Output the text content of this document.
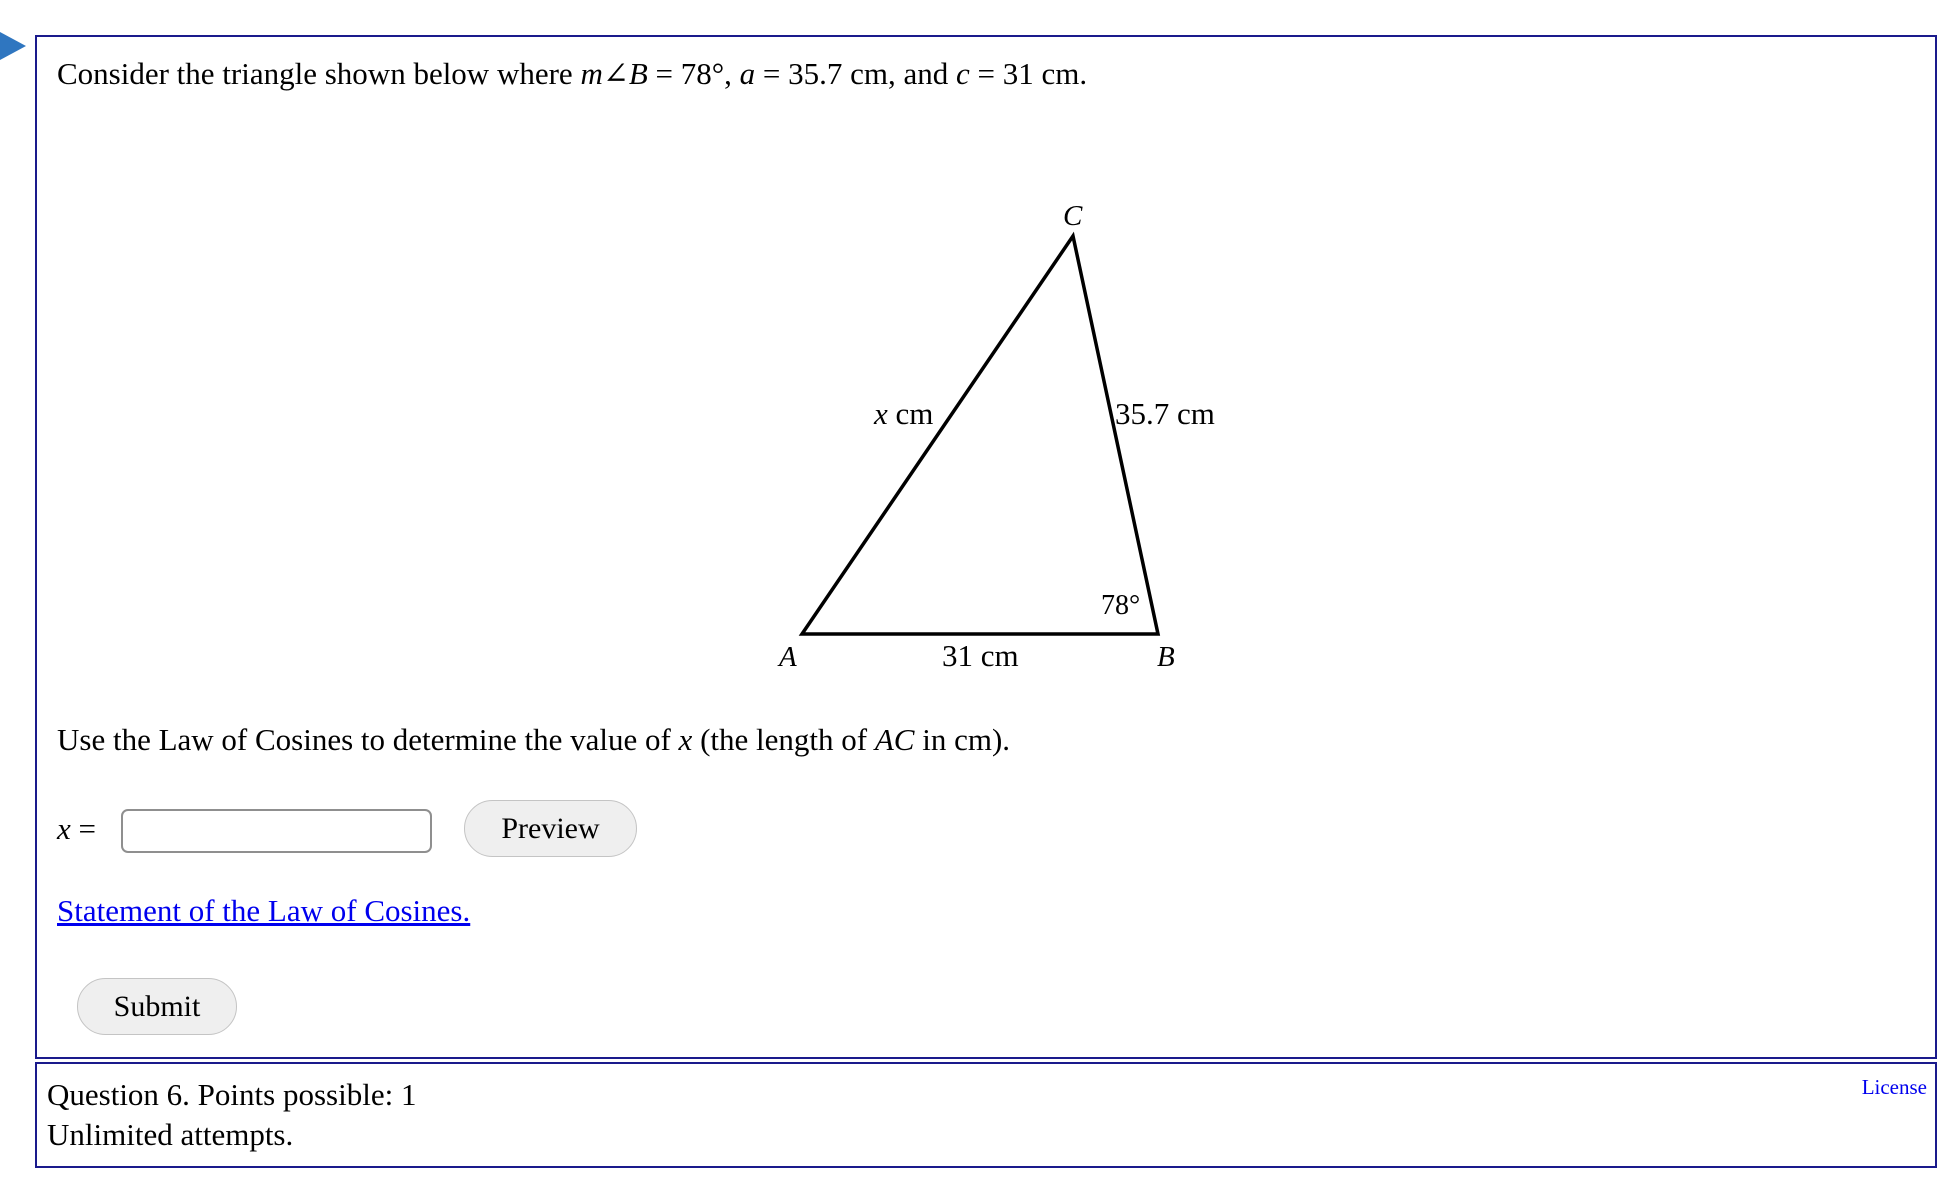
Consider the triangle shown below where m∠B = 78°, a = 35.7 cm, and c = 31 cm.
C
A	B
x cm	35.7 cm
31 cm
78°
Use the Law of Cosines to determine the value of x (the length of AC in cm).
x =	Preview
Statement of the Law of Cosines.
Submit
Question 6. Points possible: 1
Unlimited attempts.
License
